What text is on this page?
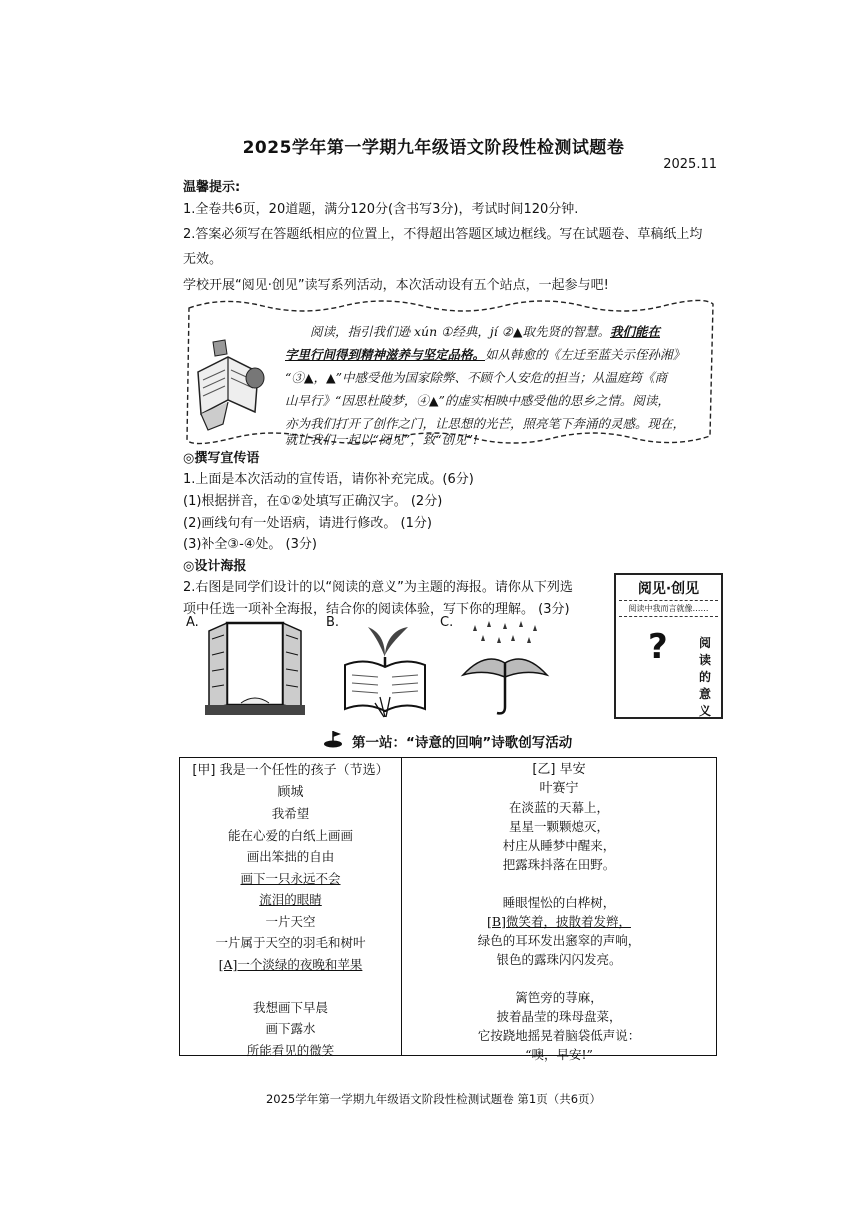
2025学年第一学期九年级语文阶段性检测试题卷
2025.11
温馨提示:
1.全卷共6页，20道题，满分120分(含书写3分)，考试时间120分钟.
2.答案必须写在答题纸相应的位置上，不得超出答题区域边框线。写在试题卷、草稿纸上均
无效。
学校开展“阅见·创见”读写系列活动，本次活动设有五个站点，一起参与吧!
阅读，指引我们逊 xún ①经典，jí ②▲取先贤的智慧。我们能在
字里行间得到精神滋养与坚定品格。如从韩愈的《左迁至蓝关示侄孙湘》
“③▲，▲”中感受他为国家除弊、不顾个人安危的担当；从温庭筠《商
山早行》“因思杜陵梦，④▲”的虚实相映中感受他的思乡之情。阅读，
亦为我们打开了创作之门，让思想的光芒，照亮笔下奔涌的灵感。现在，
就让我们一起以“阅见”，致“创见”!
◎撰写宣传语
1.上面是本次活动的宣传语，请你补充完成。(6分)
(1)根据拼音，在①②处填写正确汉字。 (2分)
(2)画线句有一处语病，请进行修改。 (1分)
(3)补全③-④处。 (3分)
◎设计海报
2.右图是同学们设计的以“阅读的意义”为主题的海报。请你从下列选
项中任选一项补全海报，结合你的阅读体验，写下你的理解。 (3分)
A.	B.	C.
阅见·创见
阅读中我而言就像……
?	阅
读
的
意
义
第一站：“诗意的回响”诗歌创写活动
[甲] 我是一个任性的孩子（节选）
顾城
我希望
能在心爱的白纸上画画
画出笨拙的自由
画下一只永远不会
流泪的眼睛
一片天空
一片属于天空的羽毛和树叶
[A]一个淡绿的夜晚和苹果
我想画下早晨
画下露水
所能看见的微笑
[乙] 早安
叶赛宁
在淡蓝的天幕上，
星星一颗颗熄灭，
村庄从睡梦中醒来，
把露珠抖落在田野。
睡眼惺忪的白桦树，
[B]微笑着，披散着发辫，
绿色的耳环发出窸窣的声响，
银色的露珠闪闪发亮。
篱笆旁的荨麻，
披着晶莹的珠母盘菜，
它按跷地摇晃着脑袋低声说：
“噢，早安!”
2025学年第一学期九年级语文阶段性检测试题卷 第1页（共6页）
